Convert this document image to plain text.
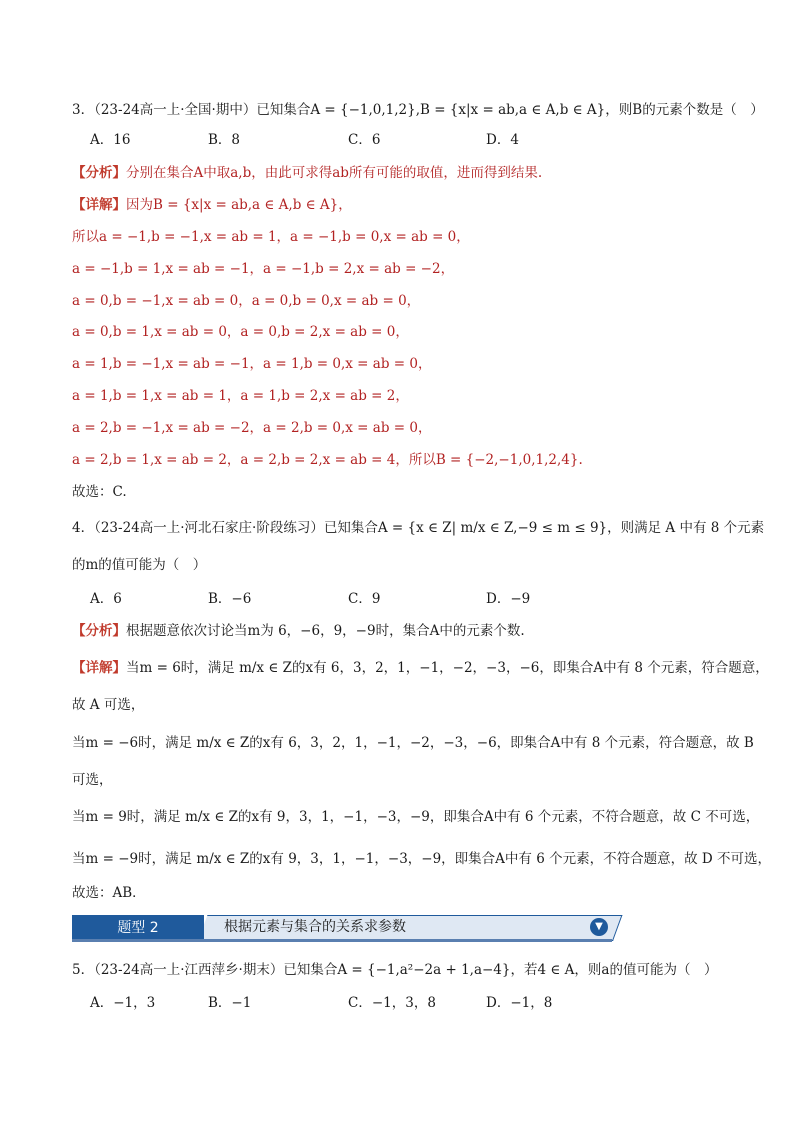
3．（23-24高一上·全国·期中）已知集合A = {−1,0,1,2},B = {x|x = ab,a ∈ A,b ∈ A}，则B的元素个数是（　）
A．16	B．8	C．6	D．4
【分析】分别在集合A中取a,b，由此可求得ab所有可能的取值，进而得到结果.
【详解】因为B = {x|x = ab,a ∈ A,b ∈ A}，
所以a = −1,b = −1,x = ab = 1，a = −1,b = 0,x = ab = 0，
a = −1,b = 1,x = ab = −1，a = −1,b = 2,x = ab = −2，
a = 0,b = −1,x = ab = 0，a = 0,b = 0,x = ab = 0，
a = 0,b = 1,x = ab = 0，a = 0,b = 2,x = ab = 0，
a = 1,b = −1,x = ab = −1，a = 1,b = 0,x = ab = 0，
a = 1,b = 1,x = ab = 1，a = 1,b = 2,x = ab = 2，
a = 2,b = −1,x = ab = −2，a = 2,b = 0,x = ab = 0，
a = 2,b = 1,x = ab = 2，a = 2,b = 2,x = ab = 4，所以B = {−2,−1,0,1,2,4}.
故选：C.
4．（23-24高一上·河北石家庄·阶段练习）已知集合A = {x ∈ Z| m/x ∈ Z,−9 ≤ m ≤ 9}，则满足 A 中有 8 个元素
的m的值可能为（　）
A．6	B．−6	C．9	D．−9
【分析】根据题意依次讨论当m为 6，−6，9，−9时，集合A中的元素个数.
【详解】当m = 6时，满足 m/x ∈ Z的x有 6，3，2，1，−1，−2，−3，−6，即集合A中有 8 个元素，符合题意，
故 A 可选，
当m = −6时，满足 m/x ∈ Z的x有 6，3，2，1，−1，−2，−3，−6，即集合A中有 8 个元素，符合题意，故 B
可选，
当m = 9时，满足 m/x ∈ Z的x有 9，3，1，−1，−3，−9，即集合A中有 6 个元素，不符合题意，故 C 不可选，
当m = −9时，满足 m/x ∈ Z的x有 9，3，1，−1，−3，−9，即集合A中有 6 个元素，不符合题意，故 D 不可选，
故选：AB．
题型 2	根据元素与集合的关系求参数	▼
5．（23-24高一上·江西萍乡·期末）已知集合A = {−1,a²−2a + 1,a−4}，若4 ∈ A，则a的值可能为（　）
A．−1，3	B．−1	C．−1，3，8	D．−1，8
